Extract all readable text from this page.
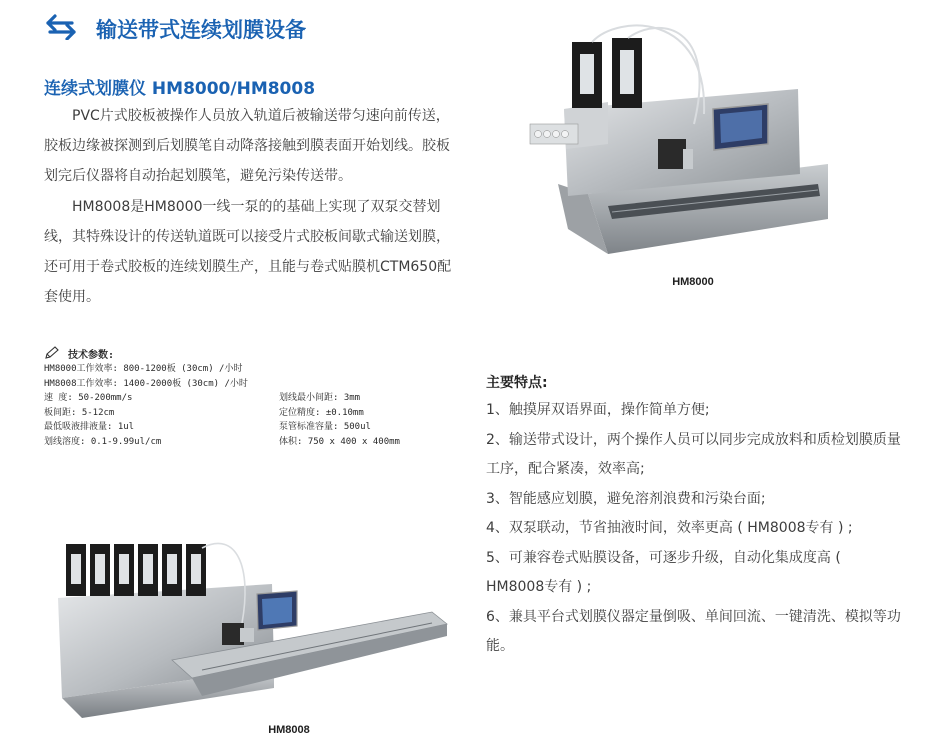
输送带式连续划膜设备
连续式划膜仪 HM8000/HM8008

PVC片式胶板被操作人员放入轨道后被输送带匀速向前传送，胶板边缘被探测到后划膜笔自动降落接触到膜表面开始划线。胶板划完后仪器将自动抬起划膜笔，避免污染传送带。

HM8008是HM8000一线一泵的的基础上实现了双泵交替划线，其特殊设计的传送轨道既可以接受片式胶板间歇式输送划膜，还可用于卷式胶板的连续划膜生产，且能与卷式贴膜机CTM650配套使用。

HM8000
技术参数:
HM8000工作效率: 800-1200板 (30cm) /小时
HM8008工作效率: 1400-2000板 (30cm) /小时
速 度: 50-200mm/s	划线最小间距: 3mm
板间距: 5-12cm	定位精度: ±0.10mm
最低吸液排液量: 1ul	泵管标准容量: 500ul
划线溶度: 0.1-9.99ul/cm	体积: 750 x 400 x 400mm
HM8008
主要特点:

1、触摸屏双语界面，操作简单方便;

2、输送带式设计，两个操作人员可以同步完成放料和质检划膜质量工序，配合紧凑，效率高;

3、智能感应划膜，避免溶剂浪费和污染台面;

4、双泵联动，节省抽液时间，效率更高 ( HM8008专有 ) ;

5、可兼容卷式贴膜设备，可逐步升级，自动化集成度高 ( HM8008专有 ) ;

6、兼具平台式划膜仪器定量倒吸、单间回流、一键清洗、模拟等功能。
